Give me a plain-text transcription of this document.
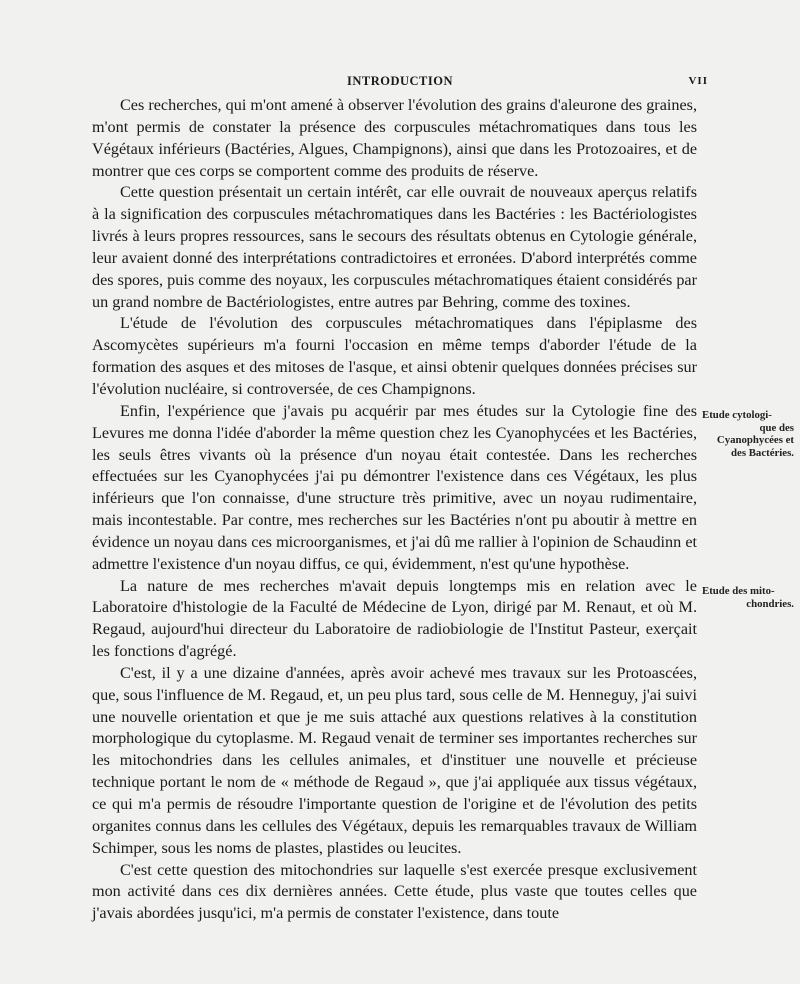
INTRODUCTION	VII

Ces recherches, qui m'ont amené à observer l'évolution des grains d'aleurone des graines, m'ont permis de constater la présence des corpuscules métachromatiques dans tous les Végétaux inférieurs (Bactéries, Algues, Champignons), ainsi que dans les Protozoaires, et de montrer que ces corps se comportent comme des produits de réserve.

Cette question présentait un certain intérêt, car elle ouvrait de nouveaux aperçus relatifs à la signification des corpuscules métachromatiques dans les Bactéries : les Bactériologistes livrés à leurs propres ressources, sans le secours des résultats obtenus en Cytologie générale, leur avaient donné des interprétations contradictoires et erronées. D'abord interprétés comme des spores, puis comme des noyaux, les corpuscules métachromatiques étaient considérés par un grand nombre de Bactériologistes, entre autres par Behring, comme des toxines.

L'étude de l'évolution des corpuscules métachromatiques dans l'épiplasme des Ascomycètes supérieurs m'a fourni l'occasion en même temps d'aborder l'étude de la formation des asques et des mitoses de l'asque, et ainsi obtenir quelques données précises sur l'évolution nucléaire, si controversée, de ces Champignons.

Enfin, l'expérience que j'avais pu acquérir par mes études sur la Cytologie fine des Levures me donna l'idée d'aborder la même question chez les Cyanophycées et les Bactéries, les seuls êtres vivants où la présence d'un noyau était contestée. Dans les recherches effectuées sur les Cyanophycées j'ai pu démontrer l'existence dans ces Végétaux, les plus inférieurs que l'on connaisse, d'une structure très primitive, avec un noyau rudimentaire, mais incontestable. Par contre, mes recherches sur les Bactéries n'ont pu aboutir à mettre en évidence un noyau dans ces microorganismes, et j'ai dû me rallier à l'opinion de Schaudinn et admettre l'existence d'un noyau diffus, ce qui, évidemment, n'est qu'une hypothèse.

La nature de mes recherches m'avait depuis longtemps mis en relation avec le Laboratoire d'histologie de la Faculté de Médecine de Lyon, dirigé par M. Renaut, et où M. Regaud, aujourd'hui directeur du Laboratoire de radiobiologie de l'Institut Pasteur, exerçait les fonctions d'agrégé.

C'est, il y a une dizaine d'années, après avoir achevé mes travaux sur les Protoascées, que, sous l'influence de M. Regaud, et, un peu plus tard, sous celle de M. Henneguy, j'ai suivi une nouvelle orientation et que je me suis attaché aux questions relatives à la constitution morphologique du cytoplasme. M. Regaud venait de terminer ses importantes recherches sur les mitochondries dans les cellules animales, et d'instituer une nouvelle et précieuse technique portant le nom de « méthode de Regaud », que j'ai appliquée aux tissus végétaux, ce qui m'a permis de résoudre l'importante question de l'origine et de l'évolution des petits organites connus dans les cellules des Végétaux, depuis les remarquables travaux de William Schimper, sous les noms de plastes, plastides ou leucites.

C'est cette question des mitochondries sur laquelle s'est exercée presque exclusivement mon activité dans ces dix dernières années. Cette étude, plus vaste que toutes celles que j'avais abordées jusqu'ici, m'a permis de constater l'existence, dans toute

Etude cytologi-
que des Cyanophycées et des Bactéries.
Etude des mito-
chondries.
